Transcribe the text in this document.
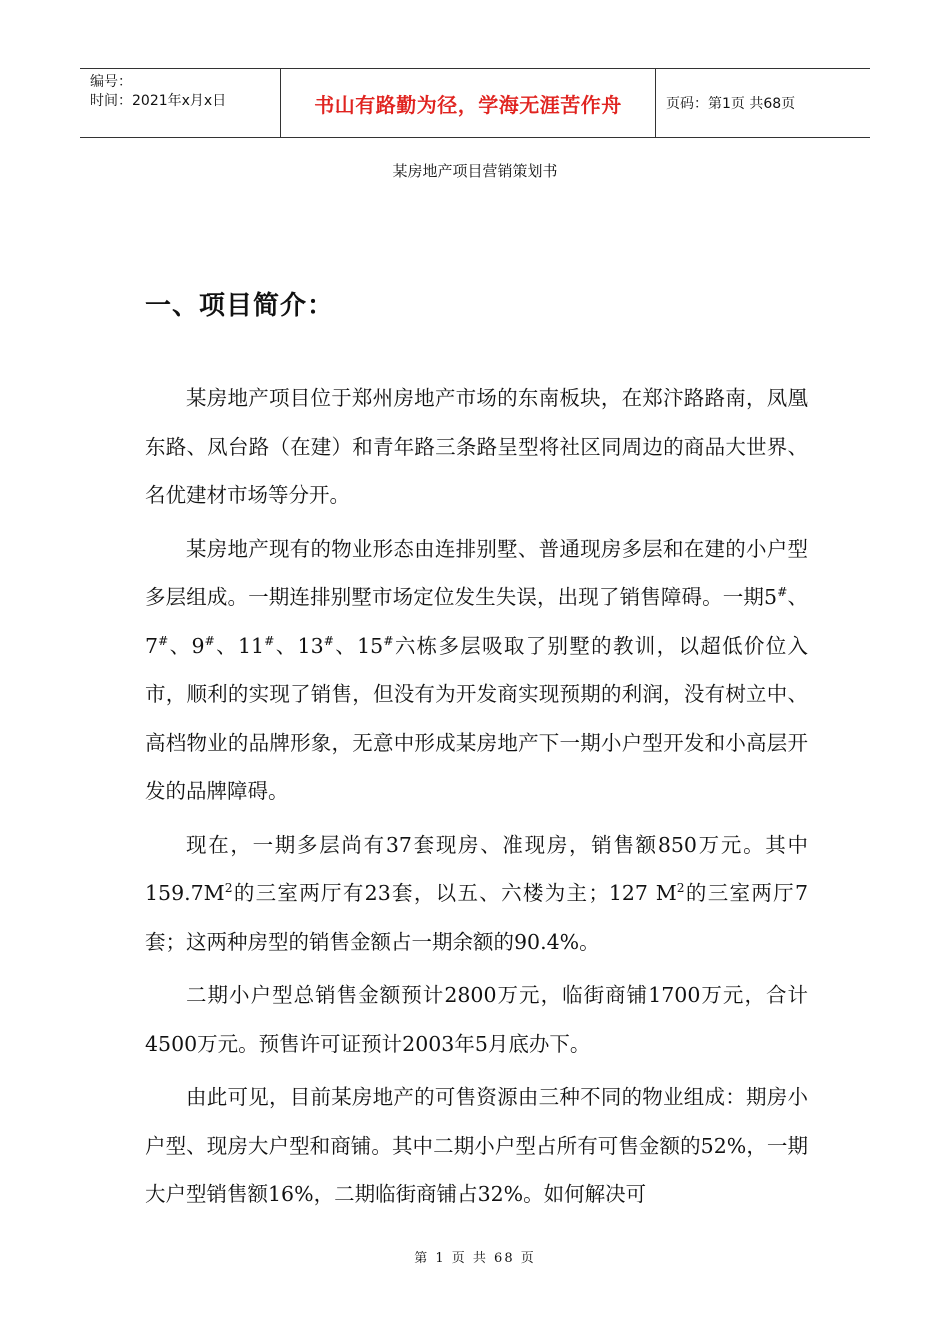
编号：
时间：2021年x月x日	书山有路勤为径，学海无涯苦作舟	页码：第1页 共68页
某房地产项目营销策划书
一、项目简介：

某房地产项目位于郑州房地产市场的东南板块，在郑汴路路南，凤凰东路、凤台路（在建）和青年路三条路呈型将社区同周边的商品大世界、名优建材市场等分开。

某房地产现有的物业形态由连排别墅、普通现房多层和在建的小户型多层组成。一期连排别墅市场定位发生失误，出现了销售障碍。一期5#、7#、9#、11#、13#、15#六栋多层吸取了别墅的教训，以超低价位入市，顺利的实现了销售，但没有为开发商实现预期的利润，没有树立中、高档物业的品牌形象，无意中形成某房地产下一期小户型开发和小高层开发的品牌障碍。

现在，一期多层尚有37套现房、准现房，销售额850万元。其中$159.7M^2$的三室两厅有23套，以五、六楼为主；127 $M^2$的三室两厅7套；这两种房型的销售金额占一期余额的90.4%。

二期小户型总销售金额预计2800万元，临街商铺1700万元，合计4500万元。预售许可证预计2003年5月底办下。

由此可见，目前某房地产的可售资源由三种不同的物业组成：期房小户型、现房大户型和商铺。其中二期小户型占所有可售金额的52%，一期大户型销售额16%，二期临街商铺占32%。如何解决可

第 1 页 共 68 页
